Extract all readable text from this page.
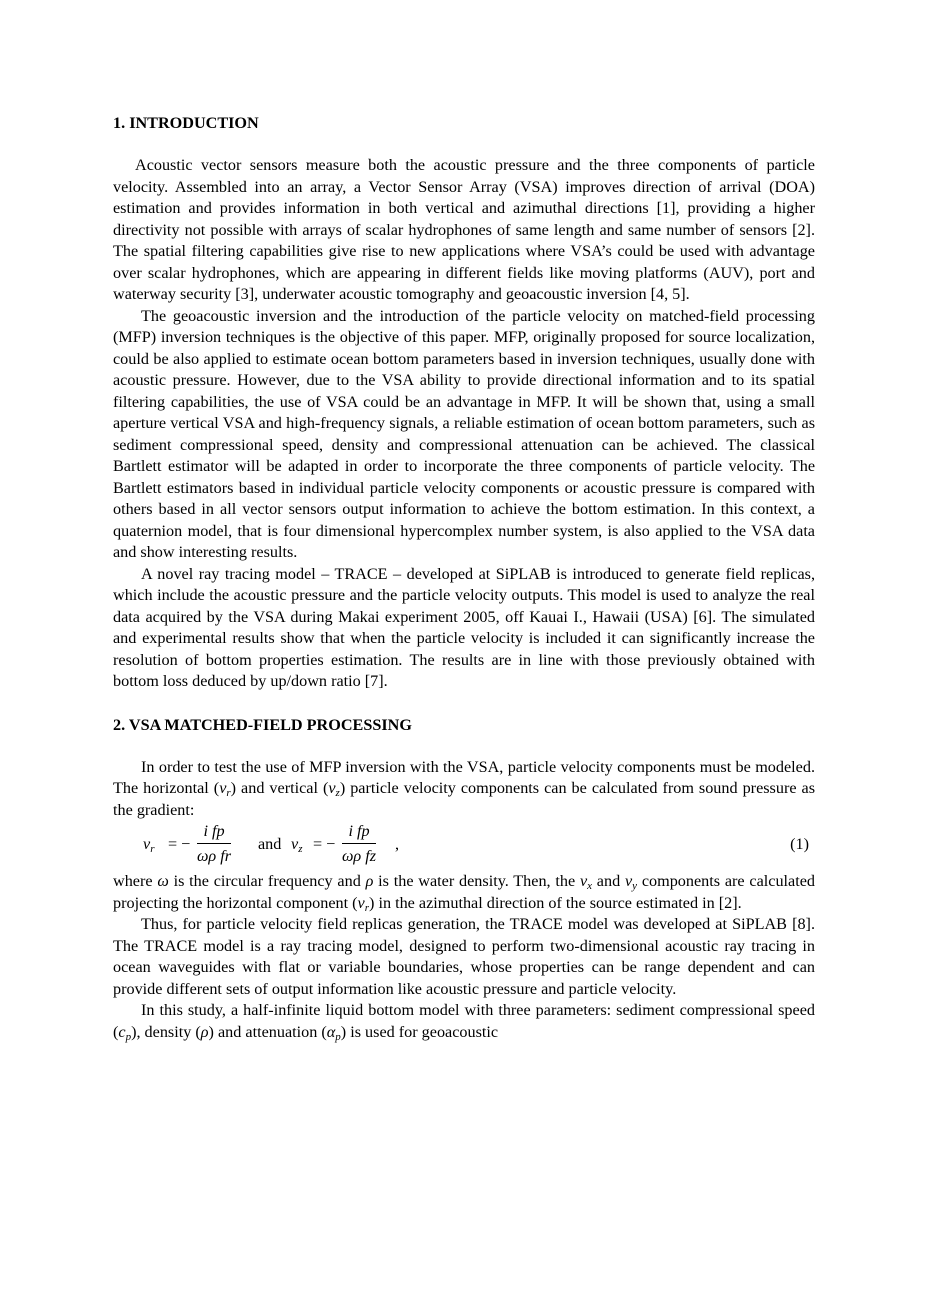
1. INTRODUCTION

Acoustic vector sensors measure both the acoustic pressure and the three components of particle velocity. Assembled into an array, a Vector Sensor Array (VSA) improves direction of arrival (DOA) estimation and provides information in both vertical and azimuthal directions [1], providing a higher directivity not possible with arrays of scalar hydrophones of same length and same number of sensors [2]. The spatial filtering capabilities give rise to new applications where VSA’s could be used with advantage over scalar hydrophones, which are appearing in different fields like moving platforms (AUV), port and waterway security [3], underwater acoustic tomography and geoacoustic inversion [4, 5].

The geoacoustic inversion and the introduction of the particle velocity on matched-field processing (MFP) inversion techniques is the objective of this paper. MFP, originally proposed for source localization, could be also applied to estimate ocean bottom parameters based in inversion techniques, usually done with acoustic pressure. However, due to the VSA ability to provide directional information and to its spatial filtering capabilities, the use of VSA could be an advantage in MFP. It will be shown that, using a small aperture vertical VSA and high-frequency signals, a reliable estimation of ocean bottom parameters, such as sediment compressional speed, density and compressional attenuation can be achieved. The classical Bartlett estimator will be adapted in order to incorporate the three components of particle velocity. The Bartlett estimators based in individual particle velocity components or acoustic pressure is compared with others based in all vector sensors output information to achieve the bottom estimation. In this context, a quaternion model, that is four dimensional hypercomplex number system, is also applied to the VSA data and show interesting results.

A novel ray tracing model – TRACE – developed at SiPLAB is introduced to generate field replicas, which include the acoustic pressure and the particle velocity outputs. This model is used to analyze the real data acquired by the VSA during Makai experiment 2005, off Kauai I., Hawaii (USA) [6]. The simulated and experimental results show that when the particle velocity is included it can significantly increase the resolution of bottom properties estimation. The results are in line with those previously obtained with bottom loss deduced by up/down ratio [7].

2. VSA MATCHED-FIELD PROCESSING

In order to test the use of MFP inversion with the VSA, particle velocity components must be modeled. The horizontal $(v_r)$ and vertical $(v_z)$ particle velocity components can be calculated from sound pressure as the gradient:

$v_r$ = − $\frac{\text{i fp}}{\text{ωρ fr}}$ and $v_z$ = − $\frac{\text{i fp}}{\text{ωρ fz}}$ ,	(1)

where ω is the circular frequency and ρ is the water density. Then, the $v_x$ and $v_y$ components are calculated projecting the horizontal component $(v_r)$ in the azimuthal direction of the source estimated in [2].

Thus, for particle velocity field replicas generation, the TRACE model was developed at SiPLAB [8]. The TRACE model is a ray tracing model, designed to perform two-dimensional acoustic ray tracing in ocean waveguides with flat or variable boundaries, whose properties can be range dependent and can provide different sets of output information like acoustic pressure and particle velocity.

In this study, a half-infinite liquid bottom model with three parameters: sediment compressional speed $(c_p)$, density (ρ) and attenuation $(\alpha_p)$ is used for geoacoustic
